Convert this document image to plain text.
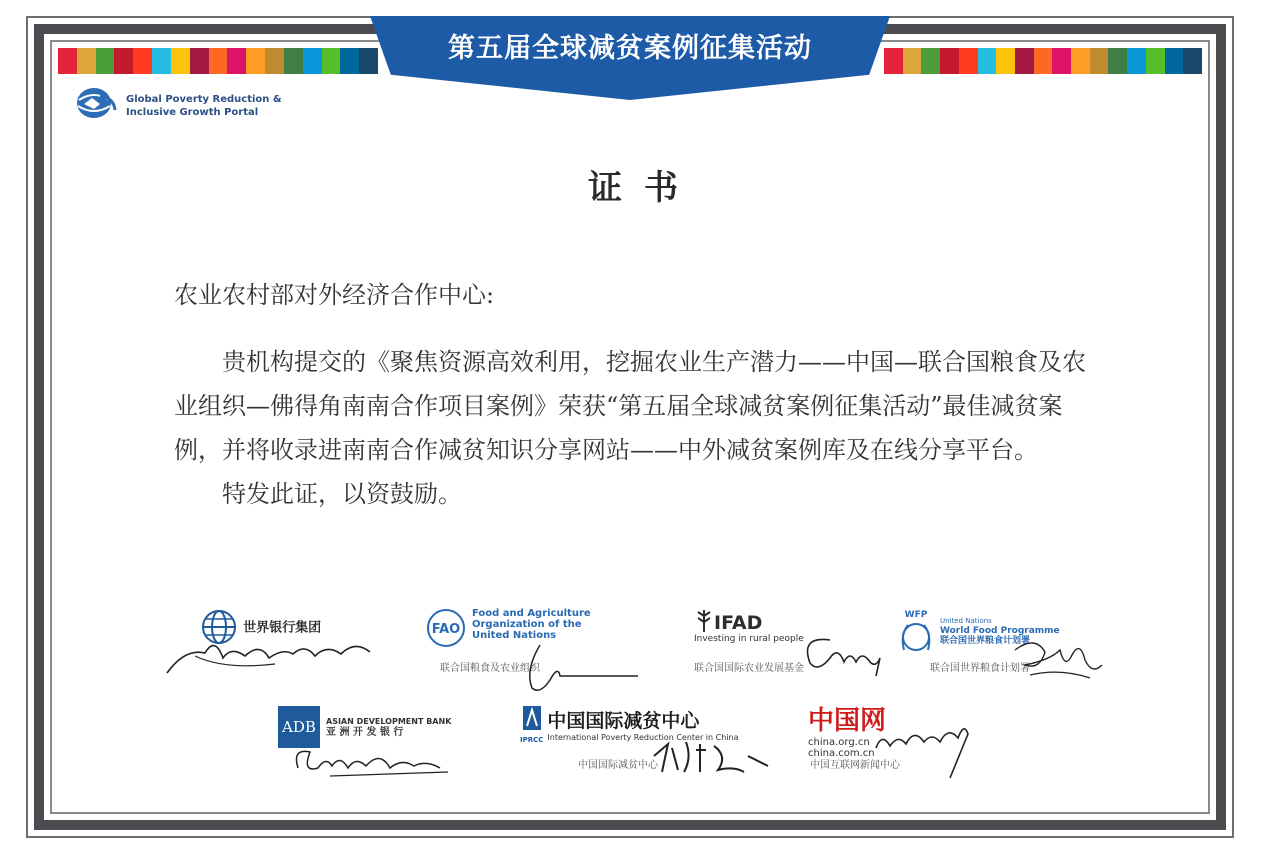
第五届全球减贫案例征集活动
Global Poverty Reduction &
Inclusive Growth Portal
证书
农业农村部对外经济合作中心:

贵机构提交的《聚焦资源高效利用，挖掘农业生产潜力——中国—联合国粮食及农业组织—佛得角南南合作项目案例》荣获“第五届全球减贫案例征集活动”最佳减贫案例，并将收录进南南合作减贫知识分享网站——中外减贫案例库及在线分享平台。

特发此证，以资鼓励。

世界银行集团	FAO
Food and Agriculture
Organization of the
United Nations
联合国粮食及农业组织
IFAD
Investing in rural people
联合国国际农业发展基金
WFP
United Nations
World Food Programme
联合国世界粮食计划署
联合国世界粮食计划署
ADB	ASIAN DEVELOPMENT BANK
亚 洲 开 发 银 行
IPRCC
中国国际减贫中心
International Poverty Reduction Center in China
中国国际减贫中心
中国网
china.org.cn
china.com.cn
中国互联网新闻中心
